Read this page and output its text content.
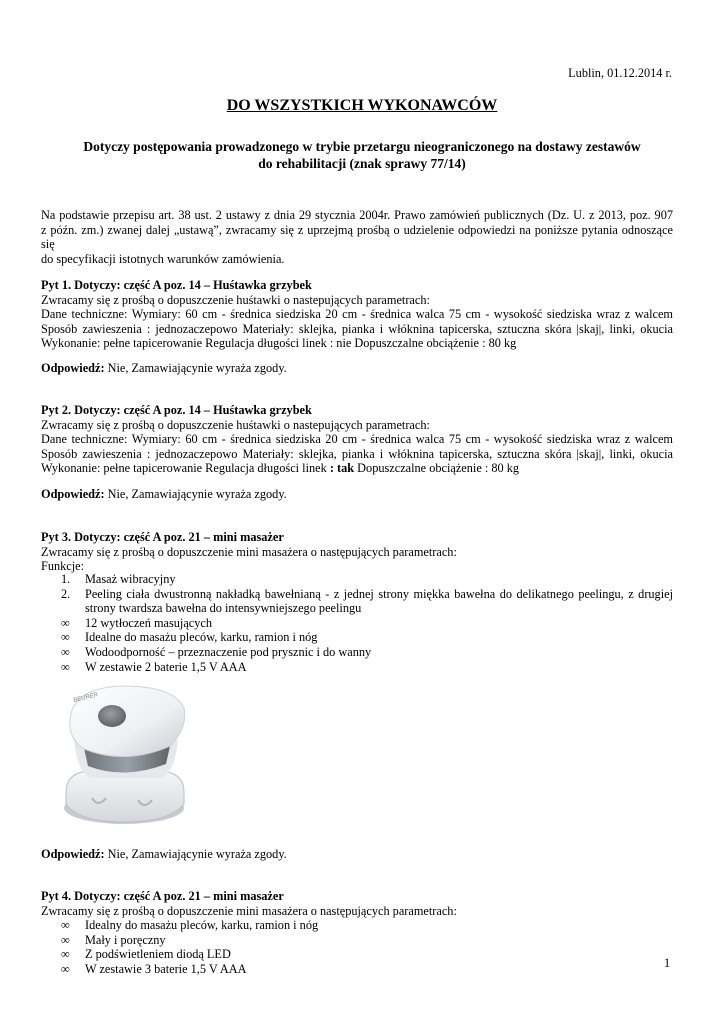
Lublin, 01.12.2014 r.
DO WSZYSTKICH WYKONAWCÓW
Dotyczy postępowania prowadzonego w trybie przetargu nieograniczonego na dostawy zestawów
do rehabilitacji (znak sprawy 77/14)
Na podstawie przepisu art. 38 ust. 2 ustawy z dnia 29 stycznia 2004r. Prawo zamówień publicznych (Dz. U. z 2013, poz. 907
z późn. zm.) zwanej dalej „ustawą”, zwracamy się z uprzejmą prośbą o udzielenie odpowiedzi na poniższe pytania odnoszące się
do specyfikacji istotnych warunków zamówienia.
Pyt 1. Dotyczy: część A poz. 14 – Huśtawka grzybek
Zwracamy się z prośbą o dopuszczenie huśtawki o nastepujących parametrach:
Dane techniczne: Wymiary: 60 cm - średnica siedziska 20 cm - średnica walca 75 cm - wysokość siedziska wraz z walcem
Sposób zawieszenia : jednozaczepowo Materiały: sklejka, pianka i włóknina tapicerska, sztuczna skóra |skaj|, linki, okucia
Wykonanie: pełne tapicerowanie Regulacja długości linek : nie Dopuszczalne obciążenie : 80 kg
Odpowiedź: Nie, Zamawiającynie wyraża zgody.
Pyt 2. Dotyczy: część A poz. 14 – Huśtawka grzybek
Zwracamy się z prośbą o dopuszczenie huśtawki o nastepujących parametrach:
Dane techniczne: Wymiary: 60 cm - średnica siedziska 20 cm - średnica walca 75 cm - wysokość siedziska wraz z walcem
Sposób zawieszenia : jednozaczepowo Materiały: sklejka, pianka i włóknina tapicerska, sztuczna skóra |skaj|, linki, okucia
Wykonanie: pełne tapicerowanie Regulacja długości linek : tak Dopuszczalne obciążenie : 80 kg
Odpowiedź: Nie, Zamawiającynie wyraża zgody.
Pyt 3. Dotyczy: część A poz. 21 – mini masażer
Zwracamy się z prośbą o dopuszczenie mini masażera o następujących parametrach:
Funkcje:
1.	Masaż wibracyjny
2.	Peeling ciała dwustronną nakładką bawełnianą - z jednej strony miękka bawełna do delikatnego peelingu, z drugiej
strony twardsza bawełna do intensywniejszego peelingu
∞	12 wytłoczeń masujących
∞	Idealne do masażu pleców, karku, ramion i nóg
∞	Wodoodporność – przeznaczenie pod prysznic i do wanny
∞	W zestawie 2 baterie 1,5 V AAA
BEURER
Odpowiedź: Nie, Zamawiającynie wyraża zgody.
Pyt 4. Dotyczy: część A poz. 21 – mini masażer
Zwracamy się z prośbą o dopuszczenie mini masażera o następujących parametrach:
∞	Idealny do masażu pleców, karku, ramion i nóg
∞	Mały i poręczny
∞	Z podświetleniem diodą LED
∞	W zestawie 3 baterie 1,5 V AAA	1
